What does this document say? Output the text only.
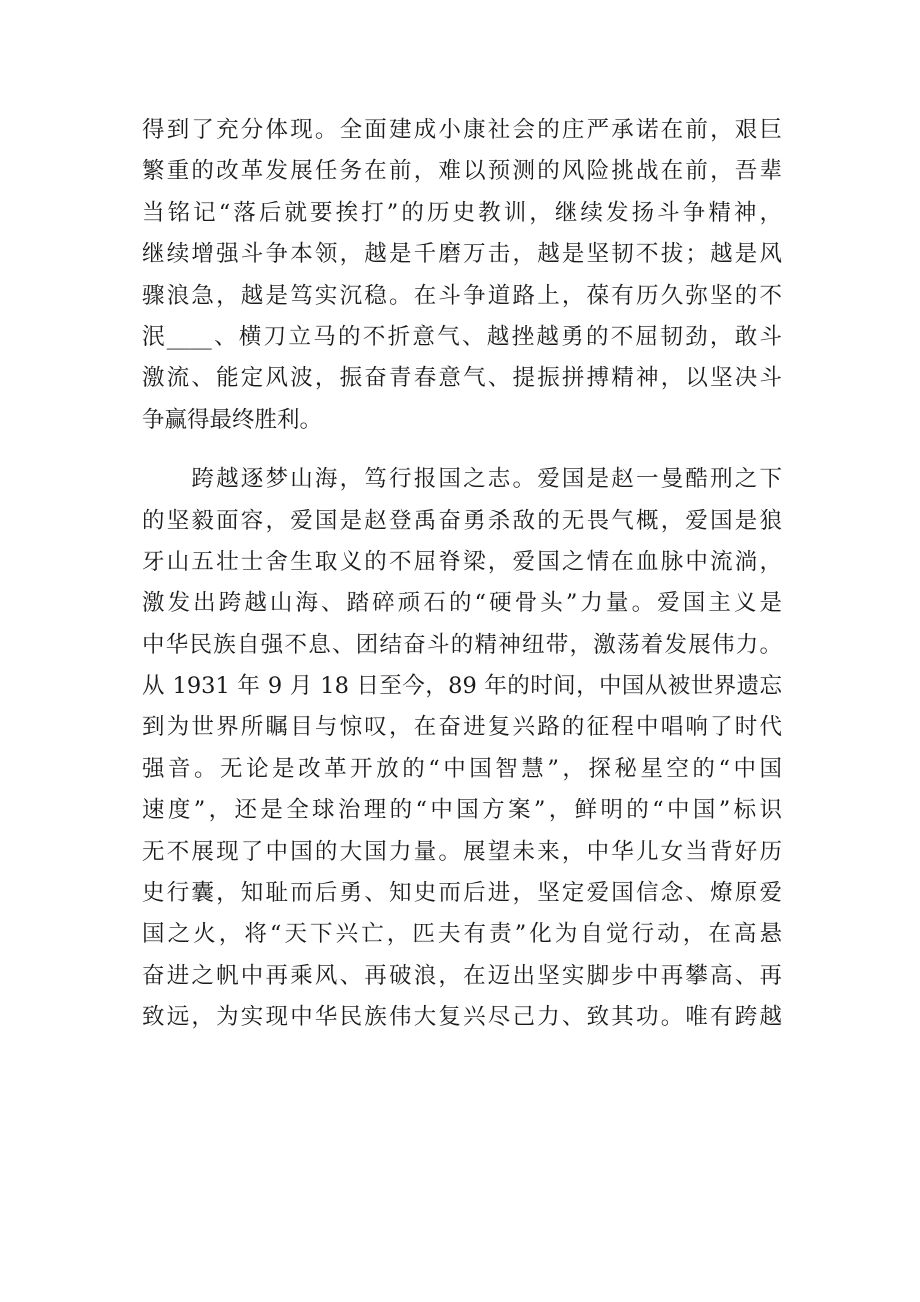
得到了充分体现。全面建成小康社会的庄严承诺在前，艰巨
繁重的改革发展任务在前，难以预测的风险挑战在前，吾辈
当铭记“落后就要挨打”的历史教训，继续发扬斗争精神，
继续增强斗争本领，越是千磨万击，越是坚韧不拔；越是风
骤浪急，越是笃实沉稳。在斗争道路上，葆有历久弥坚的不
泯____、横刀立马的不折意气、越挫越勇的不屈韧劲，敢斗
激流、能定风波，振奋青春意气、提振拼搏精神，以坚决斗
争赢得最终胜利。
　　跨越逐梦山海，笃行报国之志。爱国是赵一曼酷刑之下
的坚毅面容，爱国是赵登禹奋勇杀敌的无畏气概，爱国是狼
牙山五壮士舍生取义的不屈脊梁，爱国之情在血脉中流淌，
激发出跨越山海、踏碎顽石的“硬骨头”力量。爱国主义是
中华民族自强不息、团结奋斗的精神纽带，激荡着发展伟力。
从 1931 年 9 月 18 日至今，89 年的时间，中国从被世界遗忘
到为世界所瞩目与惊叹，在奋进复兴路的征程中唱响了时代
强音。无论是改革开放的“中国智慧”，探秘星空的“中国
速度”，还是全球治理的“中国方案”，鲜明的“中国”标识
无不展现了中国的大国力量。展望未来，中华儿女当背好历
史行囊，知耻而后勇、知史而后进，坚定爱国信念、燎原爱
国之火，将“天下兴亡，匹夫有责”化为自觉行动，在高悬
奋进之帆中再乘风、再破浪，在迈出坚实脚步中再攀高、再
致远，为实现中华民族伟大复兴尽己力、致其功。唯有跨越
